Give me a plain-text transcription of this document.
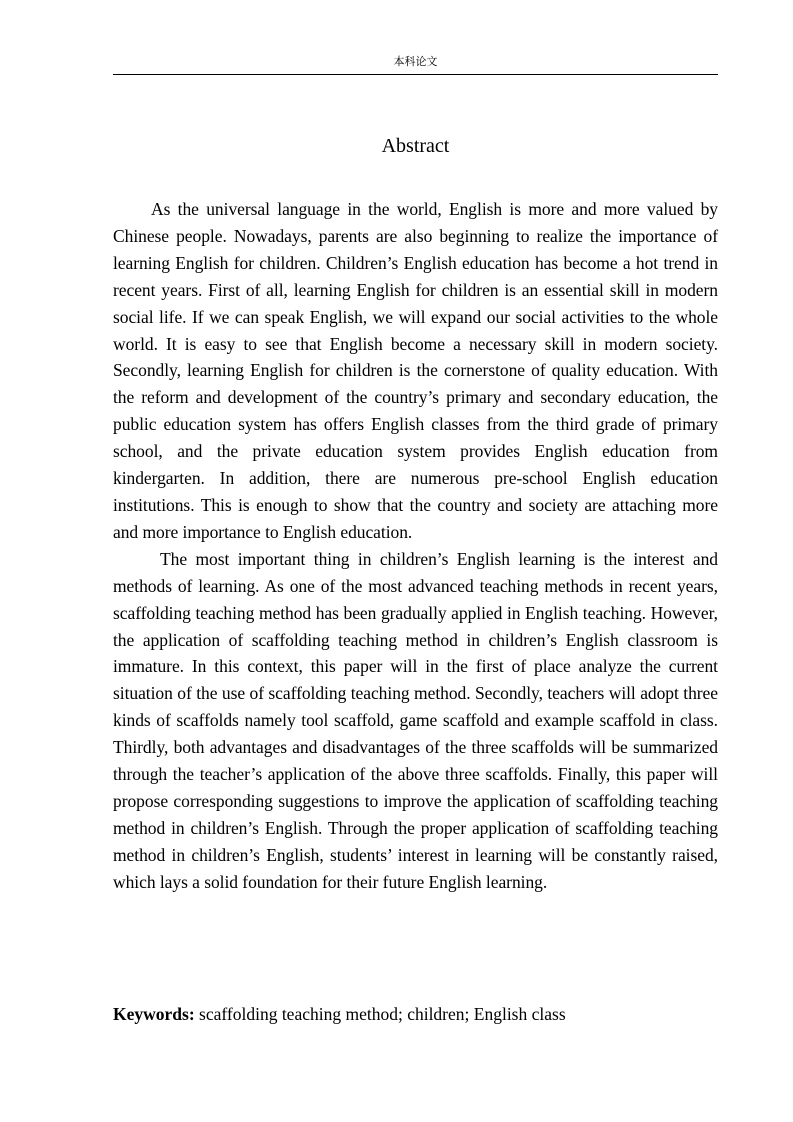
本科论文
Abstract

As the universal language in the world, English is more and more valued by Chinese people. Nowadays, parents are also beginning to realize the importance of learning English for children. Children’s English education has become a hot trend in recent years. First of all, learning English for children is an essential skill in modern social life. If we can speak English, we will expand our social activities to the whole world. It is easy to see that English become a necessary skill in modern society. Secondly, learning English for children is the cornerstone of quality education. With the reform and development of the country’s primary and secondary education, the public education system has offers English classes from the third grade of primary school, and the private education system provides English education from kindergarten. In addition, there are numerous pre-school English education institutions. This is enough to show that the country and society are attaching more and more importance to English education.

The most important thing in children’s English learning is the interest and methods of learning. As one of the most advanced teaching methods in recent years, scaffolding teaching method has been gradually applied in English teaching. However, the application of scaffolding teaching method in children’s English classroom is immature. In this context, this paper will in the first of place analyze the current situation of the use of scaffolding teaching method. Secondly, teachers will adopt three kinds of scaffolds namely tool scaffold, game scaffold and example scaffold in class. Thirdly, both advantages and disadvantages of the three scaffolds will be summarized through the teacher’s application of the above three scaffolds. Finally, this paper will propose corresponding suggestions to improve the application of scaffolding teaching method in children’s English. Through the proper application of scaffolding teaching method in children’s English, students’ interest in learning will be constantly raised, which lays a solid foundation for their future English learning.

Keywords: scaffolding teaching method; children; English class
